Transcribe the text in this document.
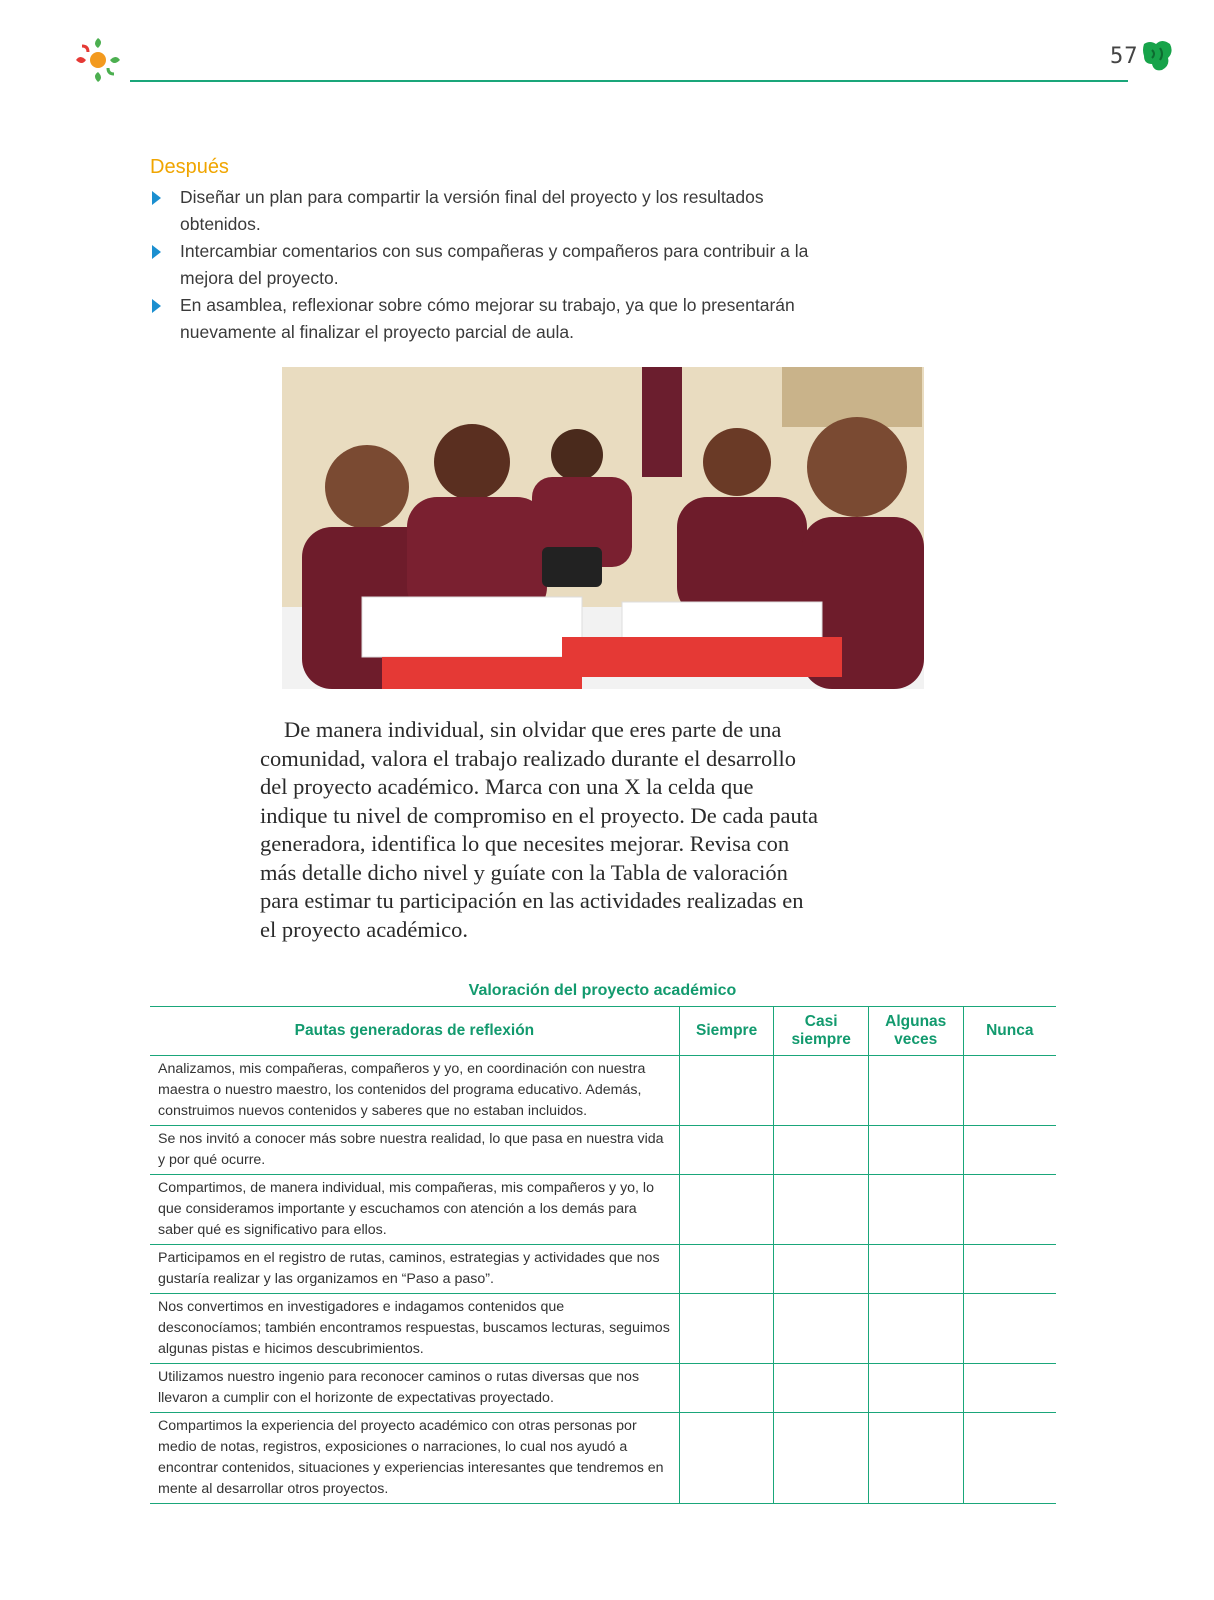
57
Después
Diseñar un plan para compartir la versión final del proyecto y los resultados obtenidos.
Intercambiar comentarios con sus compañeras y compañeros para contribuir a la mejora del proyecto.
En asamblea, reflexionar sobre cómo mejorar su trabajo, ya que lo presentarán nuevamente al finalizar el proyecto parcial de aula.

De manera individual, sin olvidar que eres parte de una comunidad, valora el trabajo realizado durante el desarrollo del proyecto académico. Marca con una X la celda que indique tu nivel de compromiso en el proyecto. De cada pauta generadora, identifica lo que necesites mejorar. Revisa con más detalle dicho nivel y guíate con la Tabla de valoración para estimar tu participación en las actividades realizadas en el proyecto académico.

Valoración del proyecto académico
Pautas generadoras de reflexión	Siempre	Casi siempre	Algunas veces	Nunca
Analizamos, mis compañeras, compañeros y yo, en coordinación con nuestra maestra o nuestro maestro, los contenidos del programa educativo. Además, construimos nuevos contenidos y saberes que no estaban incluidos.				
Se nos invitó a conocer más sobre nuestra realidad, lo que pasa en nuestra vida y por qué ocurre.				
Compartimos, de manera individual, mis compañeras, mis compañeros y yo, lo que consideramos importante y escuchamos con atención a los demás para saber qué es significativo para ellos.				
Participamos en el registro de rutas, caminos, estrategias y actividades que nos gustaría realizar y las organizamos en “Paso a paso”.				
Nos convertimos en investigadores e indagamos contenidos que desconocíamos; también encontramos respuestas, buscamos lecturas, seguimos algunas pistas e hicimos descubrimientos.				
Utilizamos nuestro ingenio para reconocer caminos o rutas diversas que nos llevaron a cumplir con el horizonte de expectativas proyectado.				
Compartimos la experiencia del proyecto académico con otras personas por medio de notas, registros, exposiciones o narraciones, lo cual nos ayudó a encontrar contenidos, situaciones y experiencias interesantes que tendremos en mente al desarrollar otros proyectos.				
